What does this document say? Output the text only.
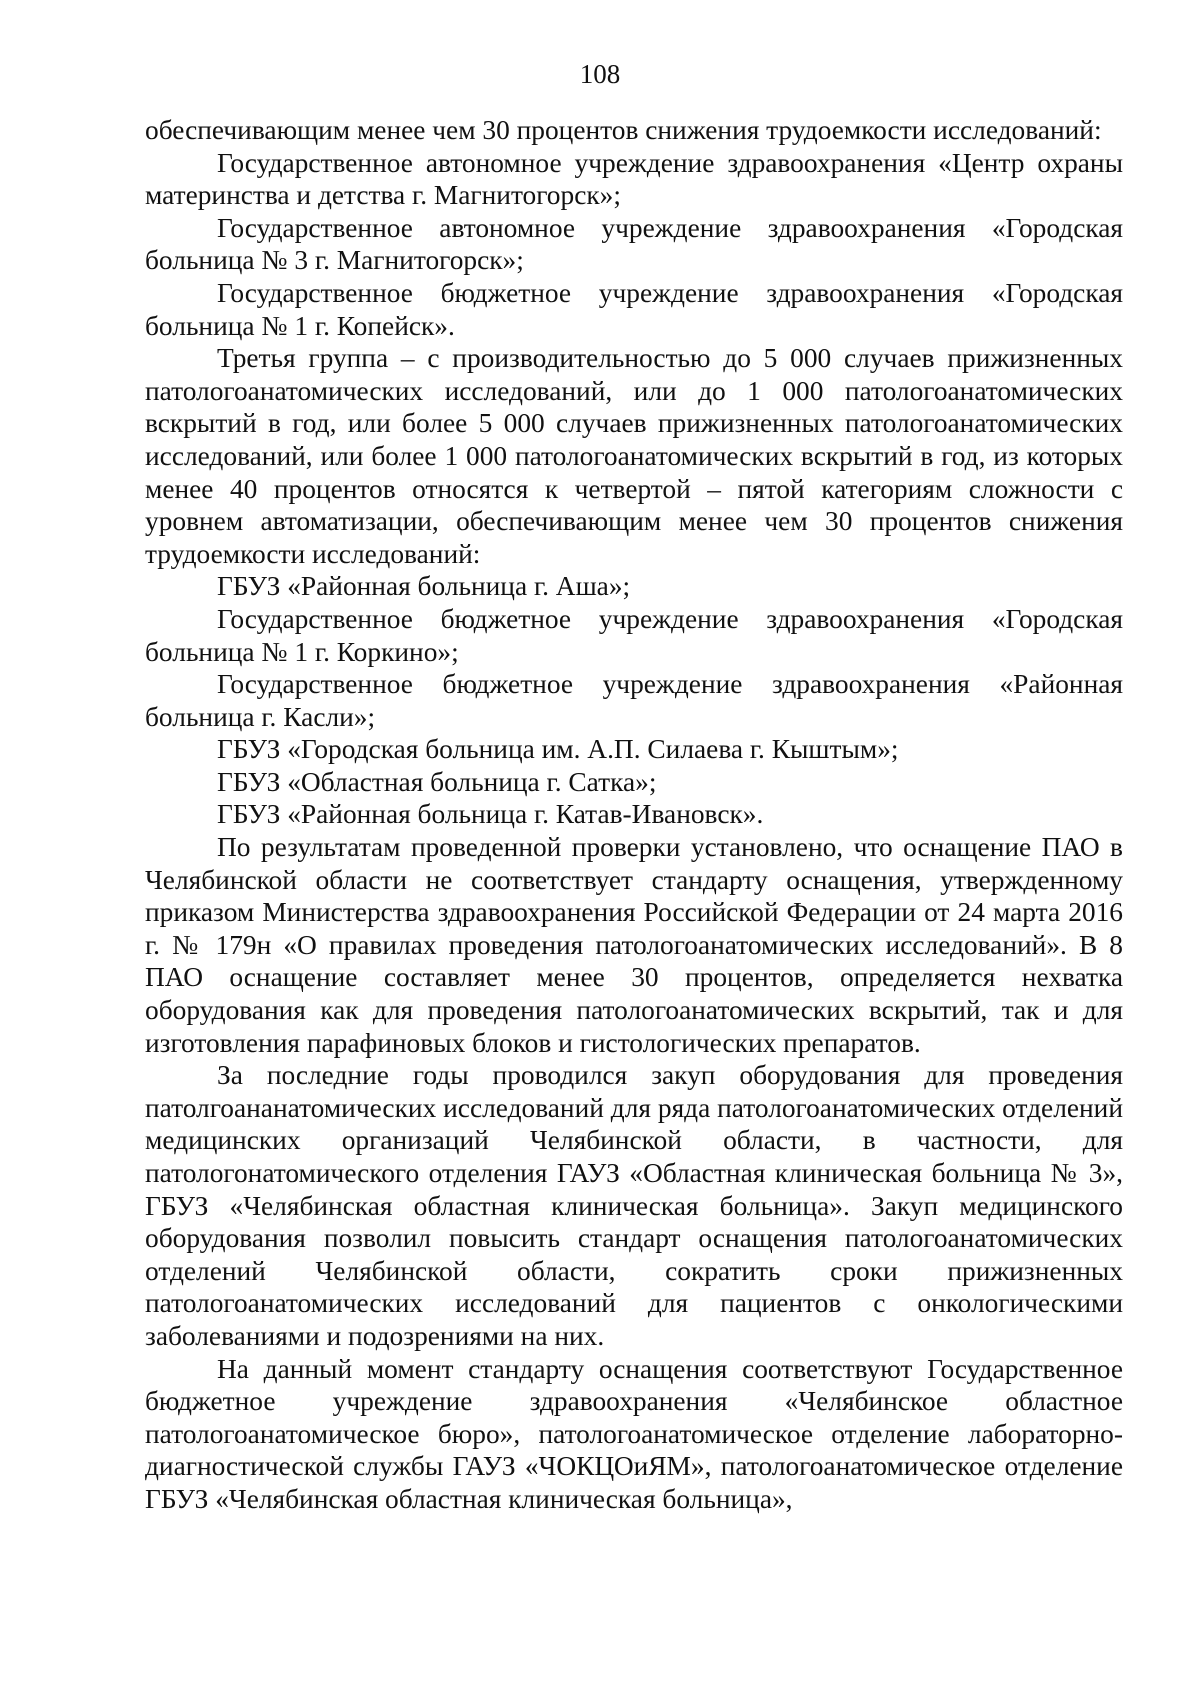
108

обеспечивающим менее чем 30 процентов снижения трудоемкости исследований:

Государственное автономное учреждение здравоохранения «Центр охраны материнства и детства г. Магнитогорск»;

Государственное автономное учреждение здравоохранения «Городская больница № 3 г. Магнитогорск»;

Государственное бюджетное учреждение здравоохранения «Городская больница № 1 г. Копейск».

Третья группа – с производительностью до 5 000 случаев прижизненных патологоанатомических исследований, или до 1 000 патологоанатомических вскрытий в год, или более 5 000 случаев прижизненных патологоанатомических исследований, или более 1 000 патологоанатомических вскрытий в год, из которых менее 40 процентов относятся к четвертой – пятой категориям сложности с уровнем автоматизации, обеспечивающим менее чем 30 процентов снижения трудоемкости исследований:

ГБУЗ «Районная больница г. Аша»;

Государственное бюджетное учреждение здравоохранения «Городская больница № 1 г. Коркино»;

Государственное бюджетное учреждение здравоохранения «Районная больница г. Касли»;

ГБУЗ «Городская больница им. А.П. Силаева г. Кыштым»;

ГБУЗ «Областная больница г. Сатка»;

ГБУЗ «Районная больница г. Катав-Ивановск».

По результатам проведенной проверки установлено, что оснащение ПАО в Челябинской области не соответствует стандарту оснащения, утвержденному приказом Министерства здравоохранения Российской Федерации от 24 марта 2016 г. № 179н «О правилах проведения патологоанатомических исследований». В 8 ПАО оснащение составляет менее 30 процентов, определяется нехватка оборудования как для проведения патологоанатомических вскрытий, так и для изготовления парафиновых блоков и гистологических препаратов.

За последние годы проводился закуп оборудования для проведения патолгоананатомических исследований для ряда патологоанатомических отделений медицинских организаций Челябинской области, в частности, для патологонатомического отделения ГАУЗ «Областная клиническая больница № 3», ГБУЗ «Челябинская областная клиническая больница». Закуп медицинского оборудования позволил повысить стандарт оснащения патологоанатомических отделений Челябинской области, сократить сроки прижизненных патологоанатомических исследований для пациентов с онкологическими заболеваниями и подозрениями на них.

На данный момент стандарту оснащения соответствуют Государственное бюджетное учреждение здравоохранения «Челябинское областное патологоанатомическое бюро», патологоанатомическое отделение лабораторно-диагностической службы ГАУЗ «ЧОКЦОиЯМ», патологоанатомическое отделение ГБУЗ «Челябинская областная клиническая больница»,
